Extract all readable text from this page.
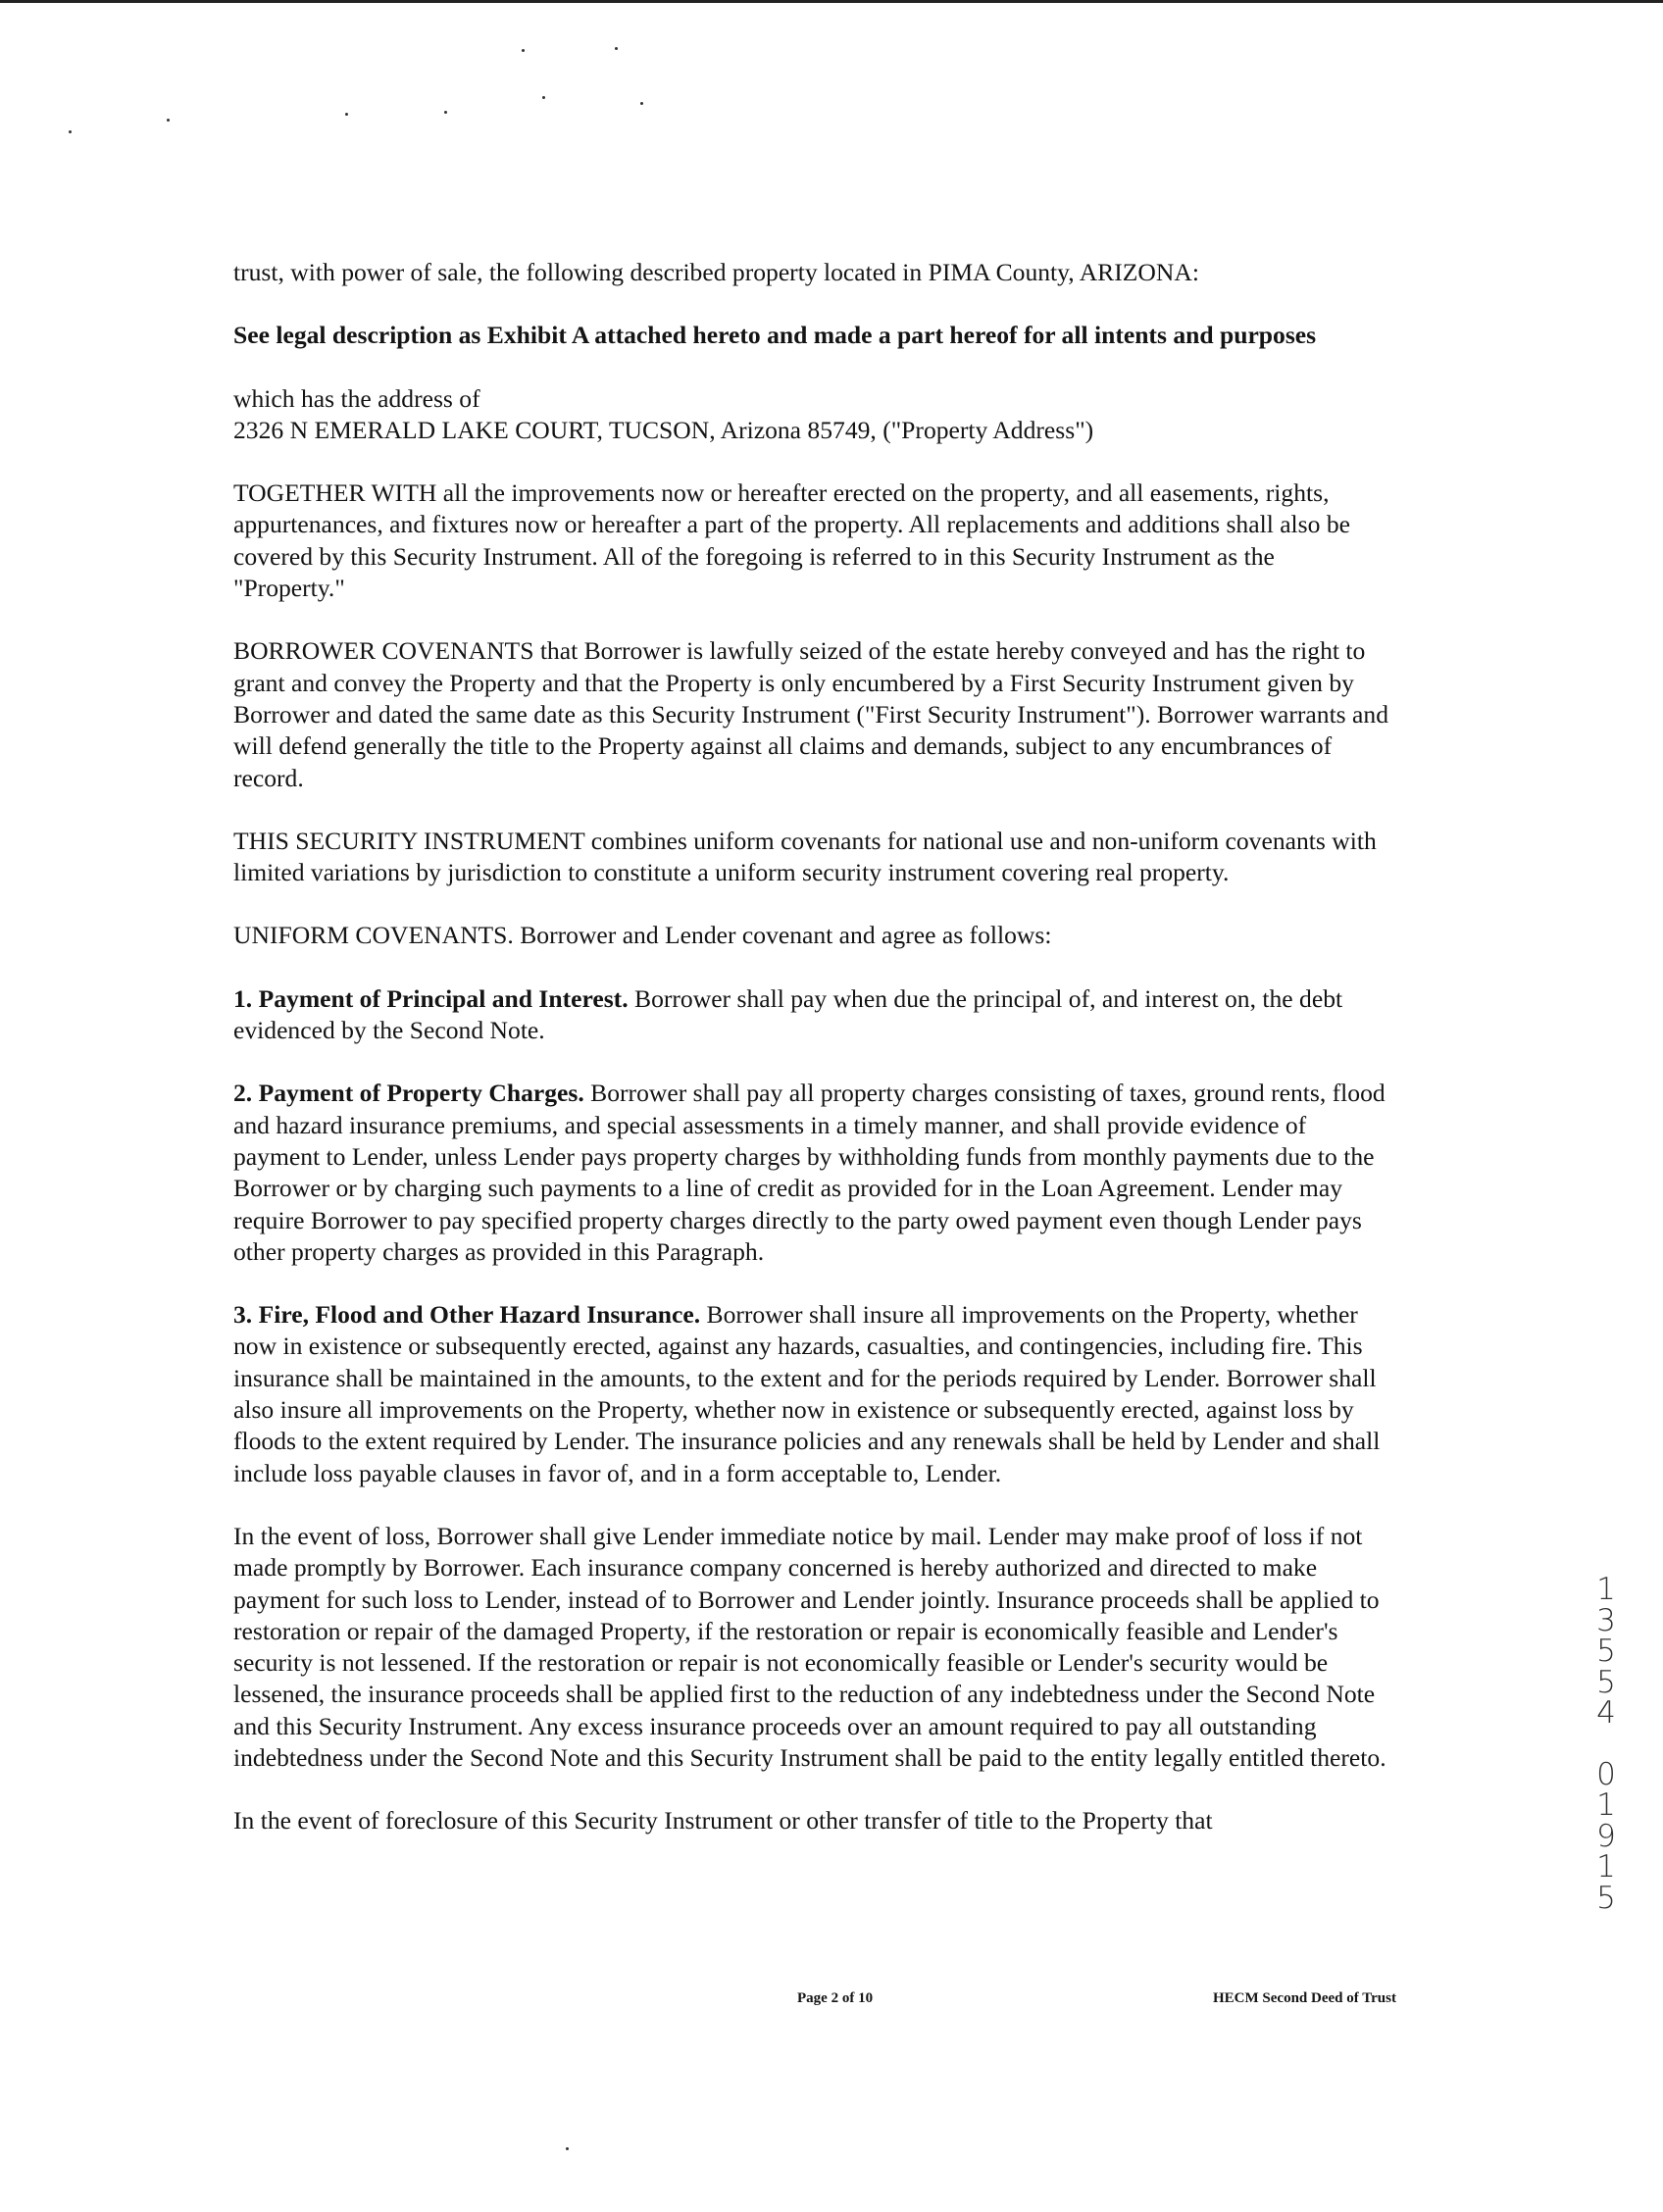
trust, with power of sale, the following described property located in PIMA County, ARIZONA:

See legal description as Exhibit A attached hereto and made a part hereof for all intents and purposes

which has the address of
2326 N EMERALD LAKE COURT, TUCSON, Arizona 85749, ("Property Address")

TOGETHER WITH all the improvements now or hereafter erected on the property, and all easements, rights, appurtenances, and fixtures now or hereafter a part of the property. All replacements and additions shall also be covered by this Security Instrument. All of the foregoing is referred to in this Security Instrument as the "Property."

BORROWER COVENANTS that Borrower is lawfully seized of the estate hereby conveyed and has the right to grant and convey the Property and that the Property is only encumbered by a First Security Instrument given by Borrower and dated the same date as this Security Instrument ("First Security Instrument"). Borrower warrants and will defend generally the title to the Property against all claims and demands, subject to any encumbrances of record.

THIS SECURITY INSTRUMENT combines uniform covenants for national use and non-uniform covenants with limited variations by jurisdiction to constitute a uniform security instrument covering real property.

UNIFORM COVENANTS. Borrower and Lender covenant and agree as follows:

1. Payment of Principal and Interest. Borrower shall pay when due the principal of, and interest on, the debt evidenced by the Second Note.

2. Payment of Property Charges. Borrower shall pay all property charges consisting of taxes, ground rents, flood and hazard insurance premiums, and special assessments in a timely manner, and shall provide evidence of payment to Lender, unless Lender pays property charges by withholding funds from monthly payments due to the Borrower or by charging such payments to a line of credit as provided for in the Loan Agreement. Lender may require Borrower to pay specified property charges directly to the party owed payment even though Lender pays other property charges as provided in this Paragraph.

3. Fire, Flood and Other Hazard Insurance. Borrower shall insure all improvements on the Property, whether now in existence or subsequently erected, against any hazards, casualties, and contingencies, including fire. This insurance shall be maintained in the amounts, to the extent and for the periods required by Lender. Borrower shall also insure all improvements on the Property, whether now in existence or subsequently erected, against loss by floods to the extent required by Lender. The insurance policies and any renewals shall be held by Lender and shall include loss payable clauses in favor of, and in a form acceptable to, Lender.

In the event of loss, Borrower shall give Lender immediate notice by mail. Lender may make proof of loss if not made promptly by Borrower. Each insurance company concerned is hereby authorized and directed to make payment for such loss to Lender, instead of to Borrower and Lender jointly. Insurance proceeds shall be applied to restoration or repair of the damaged Property, if the restoration or repair is economically feasible and Lender's security is not lessened. If the restoration or repair is not economically feasible or Lender's security would be lessened, the insurance proceeds shall be applied first to the reduction of any indebtedness under the Second Note and this Security Instrument. Any excess insurance proceeds over an amount required to pay all outstanding indebtedness under the Second Note and this Security Instrument shall be paid to the entity legally entitled thereto.

In the event of foreclosure of this Security Instrument or other transfer of title to the Property that

1
3
5
5
4
0
1
9
1
5
Page 2 of 10	HECM Second Deed of Trust
